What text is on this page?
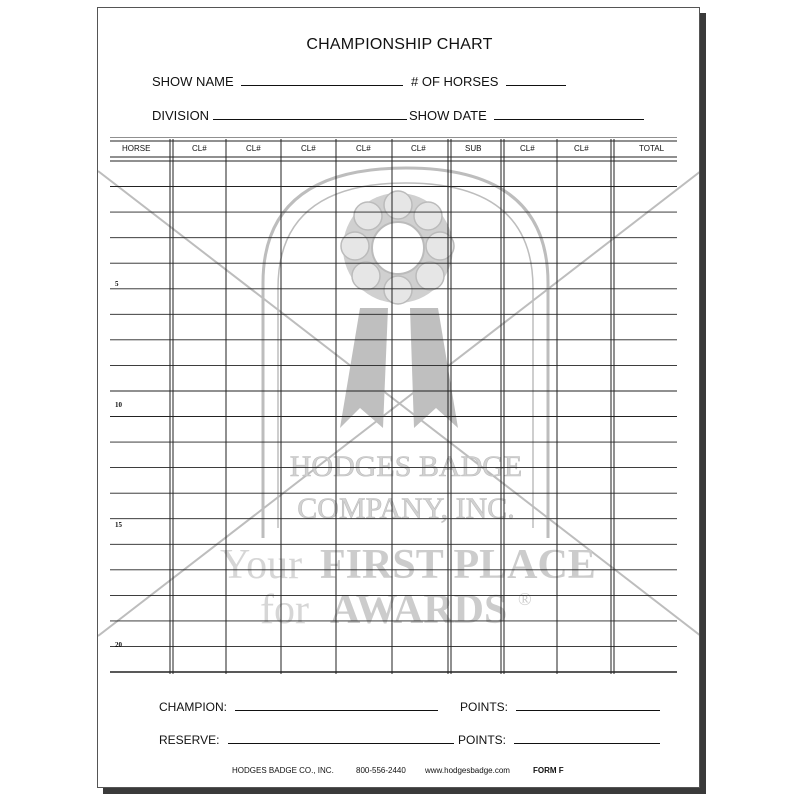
HODGES BADGE
COMPANY, INC.
Your FIRST PLACE
for AWARDS ®
CHAMPIONSHIP CHART
SHOW NAME	# OF HORSES
DIVISION	SHOW DATE
HORSE	CL#	CL#	CL#	CL#	CL#	SUB	CL#	CL#	TOTAL
5
10
15
20
CHAMPION:	POINTS:
RESERVE:	POINTS:
HODGES BADGE CO., INC.	800-556-2440 www.hodgesbadge.com	FORM F
